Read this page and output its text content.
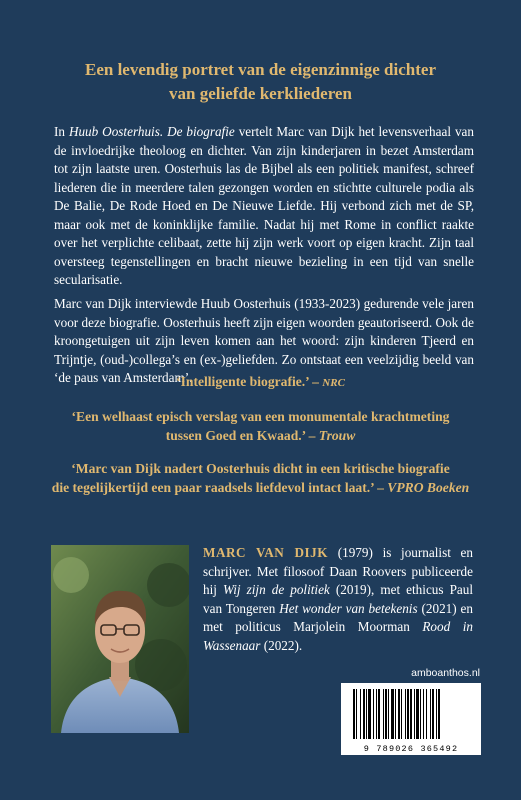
Een levendig portret van de eigenzinnige dichter
van geliefde kerkliederen
In Huub Oosterhuis. De biografie vertelt Marc van Dijk het levensverhaal van de invloedrijke theoloog en dichter. Van zijn kinderjaren in bezet Amsterdam tot zijn laatste uren. Oosterhuis las de Bijbel als een politiek manifest, schreef liederen die in meerdere talen gezongen worden en stichtte culturele podia als De Balie, De Rode Hoed en De Nieuwe Liefde. Hij verbond zich met de SP, maar ook met de koninklijke familie. Nadat hij met Rome in conflict raakte over het verplichte celibaat, zette hij zijn werk voort op eigen kracht. Zijn taal oversteeg tegenstellingen en bracht nieuwe bezieling in een tijd van snelle secularisatie.
Marc van Dijk interviewde Huub Oosterhuis (1933-2023) gedurende vele jaren voor deze biografie. Oosterhuis heeft zijn eigen woorden geautoriseerd. Ook de kroongetuigen uit zijn leven komen aan het woord: zijn kinderen Tjeerd en Trijntje, (oud-)collega’s en (ex-)geliefden. Zo ontstaat een veelzijdig beeld van ‘de paus van Amsterdam’.
‘Intelligente biografie.’ – NRC
‘Een welhaast episch verslag van een monumentale krachtmeting
tussen Goed en Kwaad.’ – Trouw
‘Marc van Dijk nadert Oosterhuis dicht in een kritische biografie
die tegelijkertijd een paar raadsels liefdevol intact laat.’ – VPRO Boeken
MARC VAN DIJK (1979) is journalist en schrijver. Met filosoof Daan Roovers publiceerde hij Wij zijn de politiek (2019), met ethicus Paul van Tongeren Het wonder van betekenis (2021) en met politicus Marjolein Moorman Rood in Wassenaar (2022).
amboanthos.nl
9 789026 365492
